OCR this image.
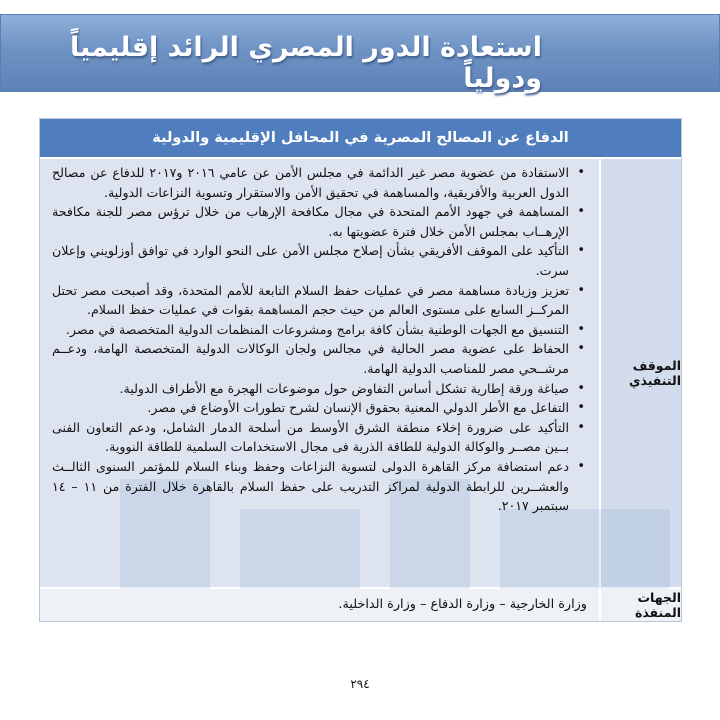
استعادة الدور المصري الرائد إقليمياً ودولياً
الدفاع عن المصالح المصرية في المحافل الإقليمية والدولية
الموقف التنفيذي
• الاستفادة من عضوية مصر غير الدائمة في مجلس الأمن عن عامي ٢٠١٦ و٢٠١٧ للدفاع عن مصالح الدول العربية والأفريقية، والمساهمة في تحقيق الأمن والاستقرار وتسوية النزاعات الدولية.
• المساهمة في جهود الأمم المتحدة في مجال مكافحة الإرهاب من خلال ترؤس مصر للجنة مكافحة الإرهــاب بمجلس الأمن خلال فترة عضويتها به.
• التأكيد على الموقف الأفريقي بشأن إصلاح مجلس الأمن على النحو الوارد في توافق أوزلويني وإعلان سرت.
• تعزيز وزيادة مساهمة مصر في عمليات حفظ السلام التابعة للأمم المتحدة، وقد أصبحت مصر تحتل المركــز السابع على مستوى العالم من حيث حجم المساهمة بقوات في عمليات حفظ السلام.
• التنسيق مع الجهات الوطنية بشأن كافة برامج ومشروعات المنظمات الدولية المتخصصة في مصر.
• الحفاظ على عضوية مصر الحالية في مجالس ولجان الوكالات الدولية المتخصصة الهامة، ودعــم مرشــحي مصر للمناصب الدولية الهامة.
• صياغة ورقة إطارية تشكل أساس التفاوض حول موضوعات الهجرة مع الأطراف الدولية.
• التفاعل مع الأطر الدولي المعنية بحقوق الإنسان لشرح تطورات الأوضاع في مصر.
• التأكيد على ضرورة إخلاء منطقة الشرق الأوسط من أسلحة الدمار الشامل، ودعم التعاون الفنى بــين مصــر والوكالة الدولية للطاقة الذرية فى مجال الاستخدامات السلمية للطاقة النووية.
• دعم استضافة مركز القاهرة الدولى لتسوية النزاعات وحفظ وبناء السلام للمؤتمر السنوى الثالــث والعشــرين للرابطة الدولية لمراكز التدريب على حفظ السلام بالقاهرة خلال الفترة من ١١ – ١٤ سبتمبر ٢٠١٧.
الجهات المنفذة
وزارة الخارجية – وزارة الدفاع – وزارة الداخلية.
٢٩٤
